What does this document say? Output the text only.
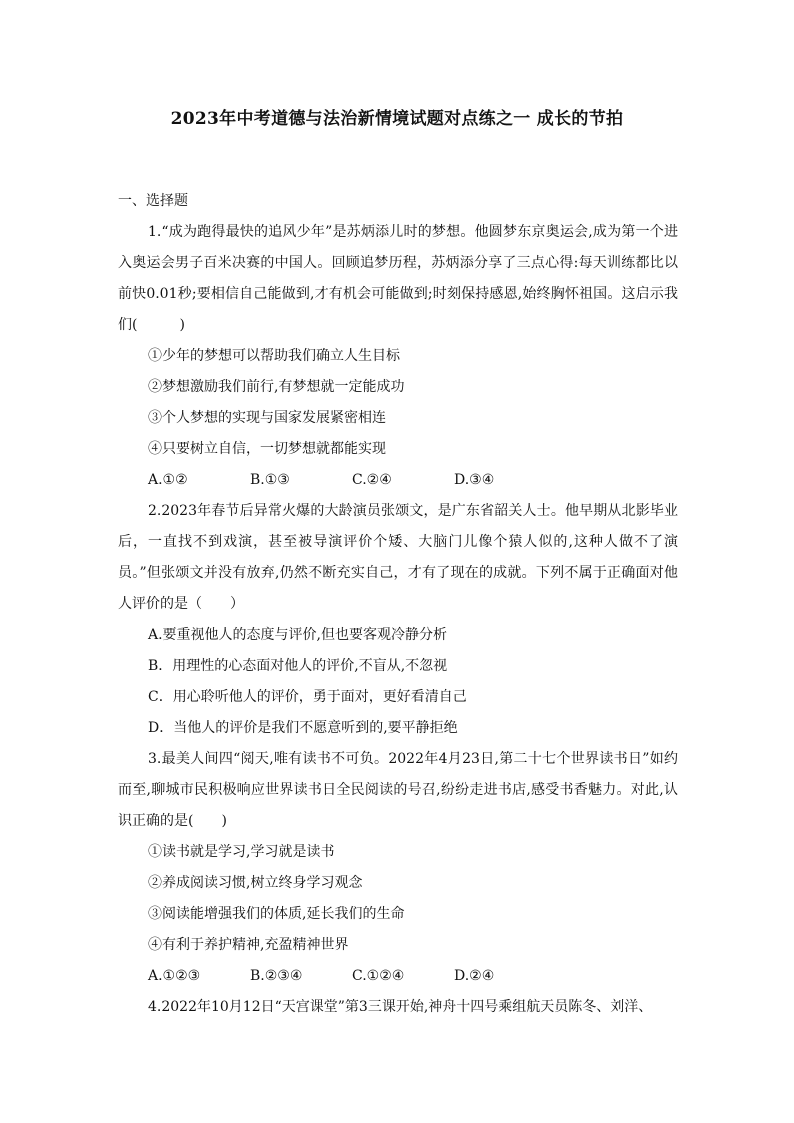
2023年中考道德与法治新情境试题对点练之一 成长的节拍

一、选择题

1.“成为跑得最快的追风少年”是苏炳添儿时的梦想。他圆梦东京奥运会,成为第一个进入奥运会男子百米决赛的中国人。回顾追梦历程，苏炳添分享了三点心得:每天训练都比以前快0.01秒;要相信自己能做到,才有机会可能做到;时刻保持感恩,始终胸怀祖国。这启示我们(　　　)

①少年的梦想可以帮助我们确立人生目标

②梦想激励我们前行,有梦想就一定能成功

③个人梦想的实现与国家发展紧密相连

④只要树立自信，一切梦想就都能实现

A.①②	B.①③	C.②④	D.③④

2.2023年春节后异常火爆的大龄演员张颂文，是广东省韶关人士。他早期从北影毕业后，一直找不到戏演，甚至被导演评价个矮、大脑门儿像个猿人似的,这种人做不了演员。”但张颂文并没有放弃,仍然不断充实自己，才有了现在的成就。下列不属于正确面对他人评价的是（　　）

A.要重视他人的态度与评价,但也要客观冷静分析

B．用理性的心态面对他人的评价,不盲从,不忽视

C．用心聆听他人的评价，勇于面对，更好看清自己

D．当他人的评价是我们不愿意听到的,要平静拒绝

3.最美人间四“阅天,唯有读书不可负。2022年4月23日,第二十七个世界读书日”如约而至,聊城市民积极响应世界读书日全民阅读的号召,纷纷走进书店,感受书香魅力。对此,认识正确的是(　　)

①读书就是学习,学习就是读书

②养成阅读习惯,树立终身学习观念

③阅读能增强我们的体质,延长我们的生命

④有利于养护精神,充盈精神世界

A.①②③	B.②③④	C.①②④	D.②④

4.2022年10月12日“天宫课堂”第3三课开始,神舟十四号乘组航天员陈冬、刘洋、
